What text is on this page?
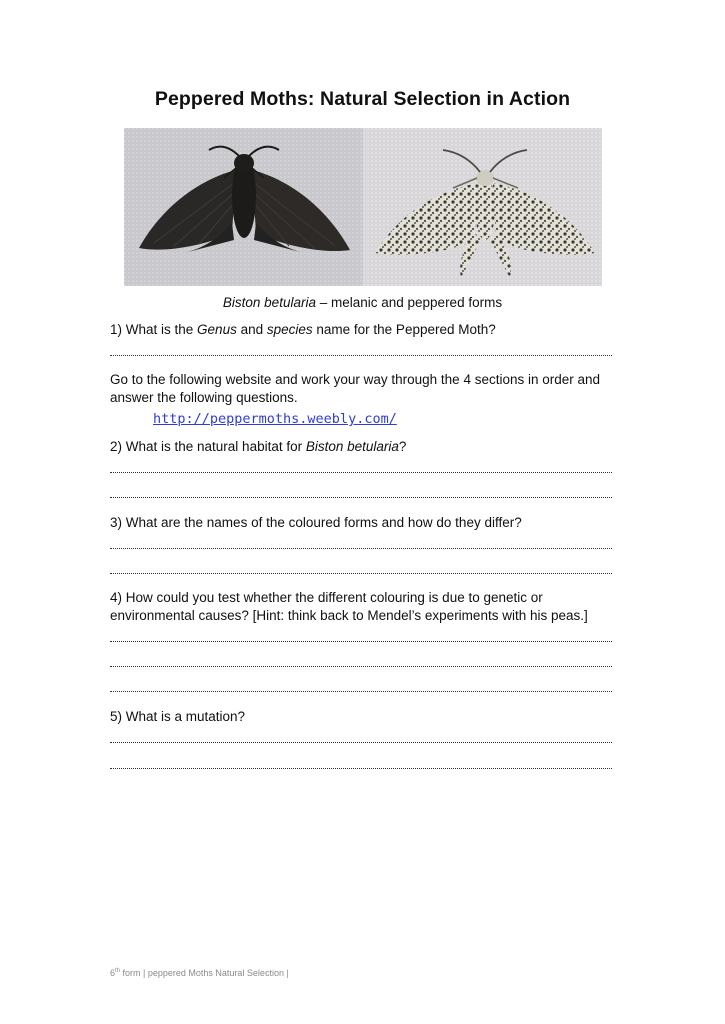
Peppered Moths: Natural Selection in Action
Biston betularia – melanic and peppered forms
1) What is the Genus and species name for the Peppered Moth?
Go to the following website and work your way through the 4 sections in order and answer the following questions.
http://peppermoths.weebly.com/
2) What is the natural habitat for Biston betularia?
3) What are the names of the coloured forms and how do they differ?
4) How could you test whether the different colouring is due to genetic or environmental causes? [Hint: think back to Mendel’s experiments with his peas.]
5) What is a mutation?
6th form | peppered Moths Natural Selection |
